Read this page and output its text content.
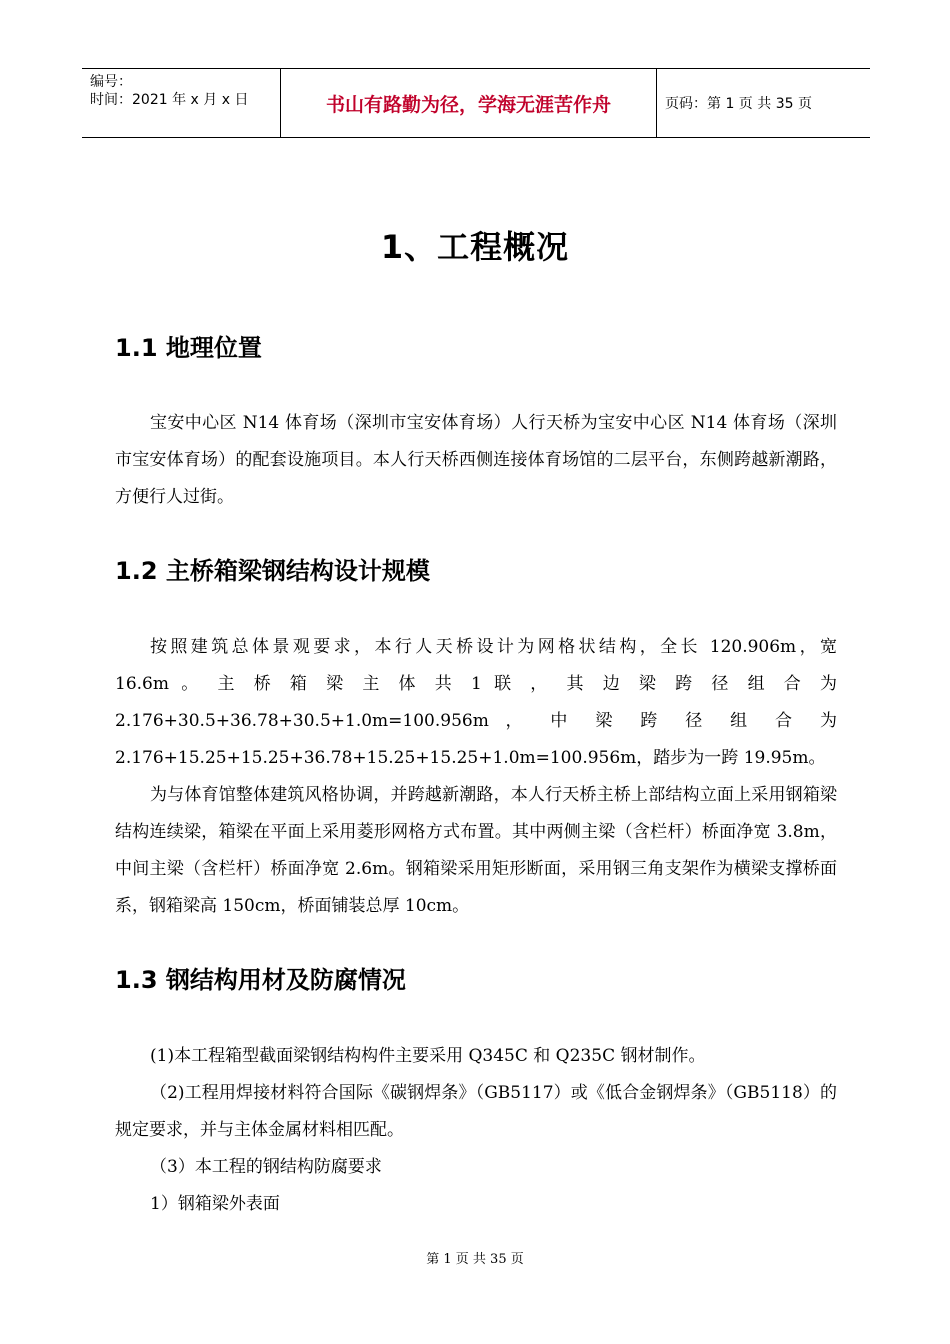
编号：
时间：2021 年 x 月 x 日	书山有路勤为径，学海无涯苦作舟	页码：第 1 页 共 35 页
1、工程概况
1.1 地理位置

宝安中心区 N14 体育场（深圳市宝安体育场）人行天桥为宝安中心区 N14 体育场（深圳市宝安体育场）的配套设施项目。本人行天桥西侧连接体育场馆的二层平台，东侧跨越新潮路，方便行人过街。

1.2 主桥箱梁钢结构设计规模

按照建筑总体景观要求，本行人天桥设计为网格状结构，全长 120.906m，宽

16.6m 。 主 桥 箱 梁 主 体 共 1 联 ， 其 边 梁 跨 径 组 合 为

2.176+30.5+36.78+30.5+1.0m=100.956m ， 中 梁 跨 径 组 合 为

2.176+15.25+15.25+36.78+15.25+15.25+1.0m=100.956m，踏步为一跨 19.95m。

为与体育馆整体建筑风格协调，并跨越新潮路，本人行天桥主桥上部结构立面上采用钢箱梁结构连续梁，箱梁在平面上采用菱形网格方式布置。其中两侧主梁（含栏杆）桥面净宽 3.8m，中间主梁（含栏杆）桥面净宽 2.6m。钢箱梁采用矩形断面，采用钢三角支架作为横梁支撑桥面系，钢箱梁高 150cm，桥面铺装总厚 10cm。

1.3 钢结构用材及防腐情况

(1)本工程箱型截面梁钢结构构件主要采用 Q345C 和 Q235C 钢材制作。

（2)工程用焊接材料符合国际《碳钢焊条》（GB5117）或《低合金钢焊条》（GB5118）的规定要求，并与主体金属材料相匹配。

（3）本工程的钢结构防腐要求

1）钢箱梁外表面

第 1 页 共 35 页
